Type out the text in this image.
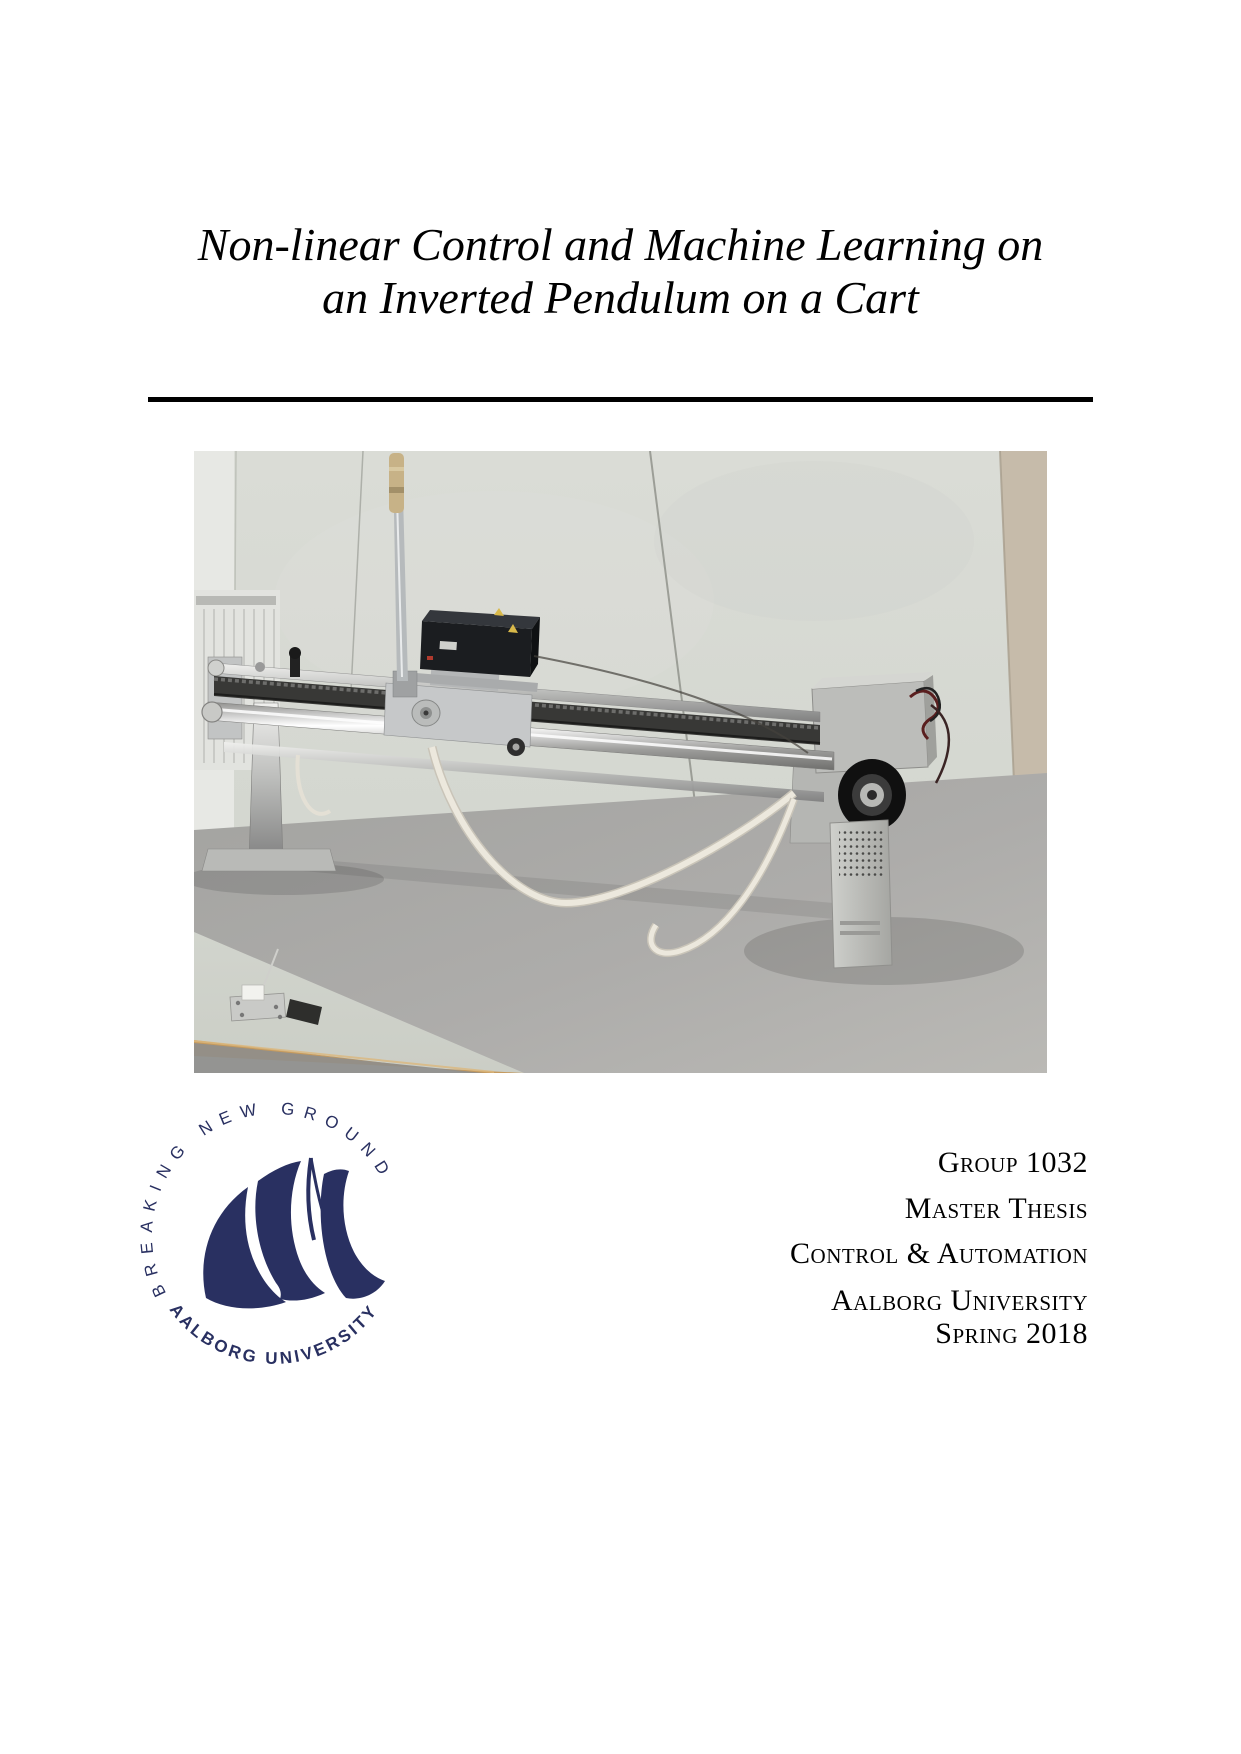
Non-linear Control and Machine Learning on
an Inverted Pendulum on a Cart
BREAKING NEW GROUND
AALBORG UNIVERSITY
Group 1032
Master Thesis
Control & Automation
Aalborg University
Spring 2018
